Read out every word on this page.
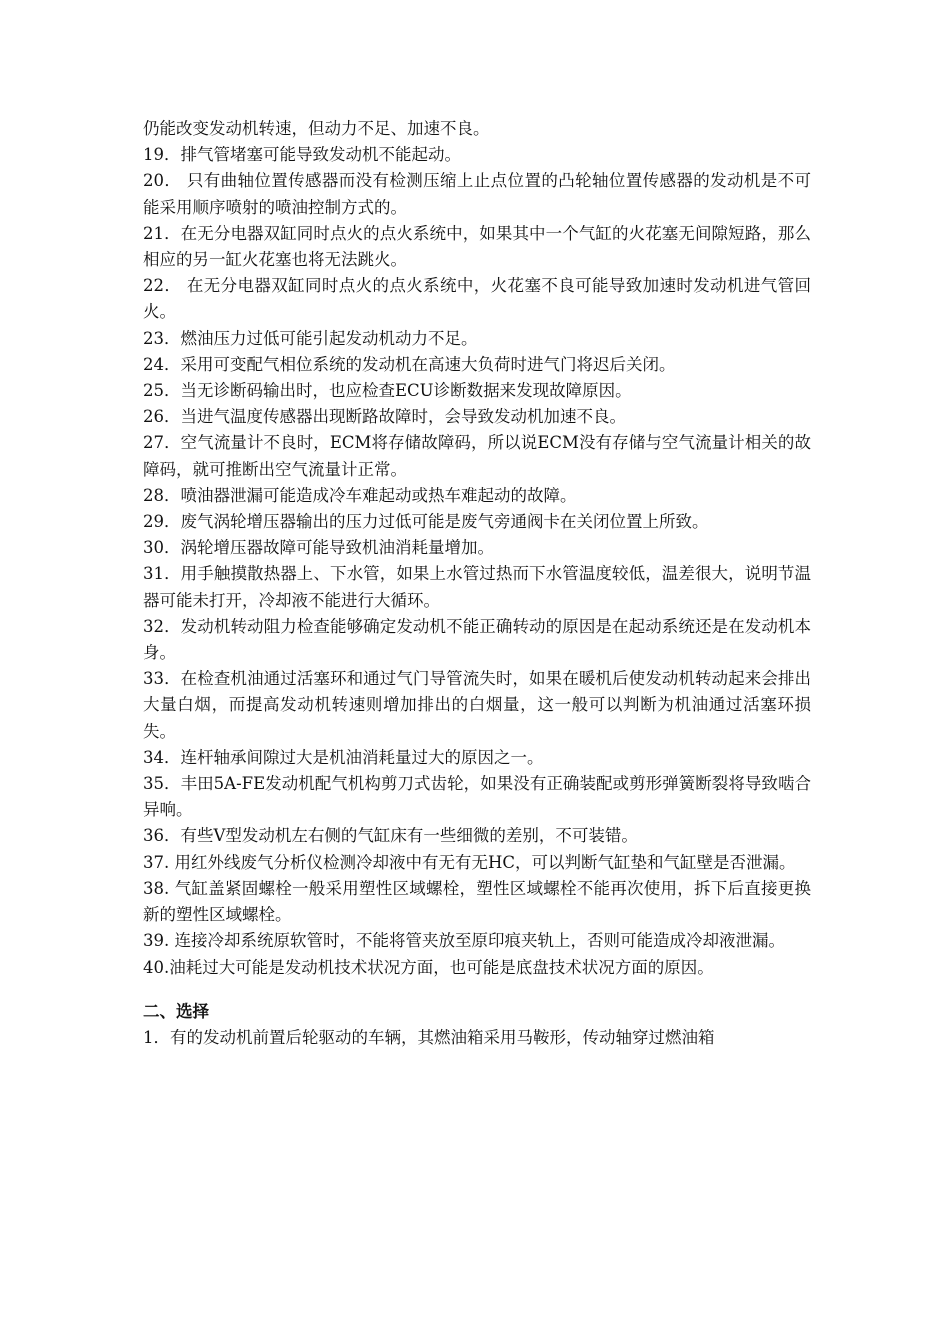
仍能改变发动机转速，但动力不足、加速不良。

19．排气管堵塞可能导致发动机不能起动。

20． 只有曲轴位置传感器而没有检测压缩上止点位置的凸轮轴位置传感器的发动机是不可能采用顺序喷射的喷油控制方式的。

21．在无分电器双缸同时点火的点火系统中，如果其中一个气缸的火花塞无间隙短路，那么相应的另一缸火花塞也将无法跳火。

22． 在无分电器双缸同时点火的点火系统中，火花塞不良可能导致加速时发动机进气管回火。

23．燃油压力过低可能引起发动机动力不足。

24．采用可变配气相位系统的发动机在高速大负荷时进气门将迟后关闭。

25．当无诊断码输出时，也应检查ECU诊断数据来发现故障原因。

26．当进气温度传感器出现断路故障时，会导致发动机加速不良。

27．空气流量计不良时，ECM将存储故障码，所以说ECM没有存储与空气流量计相关的故障码，就可推断出空气流量计正常。

28．喷油器泄漏可能造成冷车难起动或热车难起动的故障。

29．废气涡轮增压器输出的压力过低可能是废气旁通阀卡在关闭位置上所致。

30．涡轮增压器故障可能导致机油消耗量增加。

31．用手触摸散热器上、下水管，如果上水管过热而下水管温度较低，温差很大，说明节温器可能未打开，冷却液不能进行大循环。

32．发动机转动阻力检查能够确定发动机不能正确转动的原因是在起动系统还是在发动机本身。

33．在检查机油通过活塞环和通过气门导管流失时，如果在暖机后使发动机转动起来会排出大量白烟，而提高发动机转速则增加排出的白烟量，这一般可以判断为机油通过活塞环损失。

34．连杆轴承间隙过大是机油消耗量过大的原因之一。

35．丰田5A-FE发动机配气机构剪刀式齿轮，如果没有正确装配或剪形弹簧断裂将导致啮合异响。

36．有些V型发动机左右侧的气缸床有一些细微的差别，不可装错。

37. 用红外线废气分析仪检测冷却液中有无有无HC，可以判断气缸垫和气缸壁是否泄漏。

38. 气缸盖紧固螺栓一般采用塑性区域螺栓，塑性区域螺栓不能再次使用，拆下后直接更换新的塑性区域螺栓。

39. 连接冷却系统原软管时，不能将管夹放至原印痕夹轨上，否则可能造成冷却液泄漏。

40.油耗过大可能是发动机技术状况方面，也可能是底盘技术状况方面的原因。

二、选择

1．有的发动机前置后轮驱动的车辆，其燃油箱采用马鞍形，传动轴穿过燃油箱
